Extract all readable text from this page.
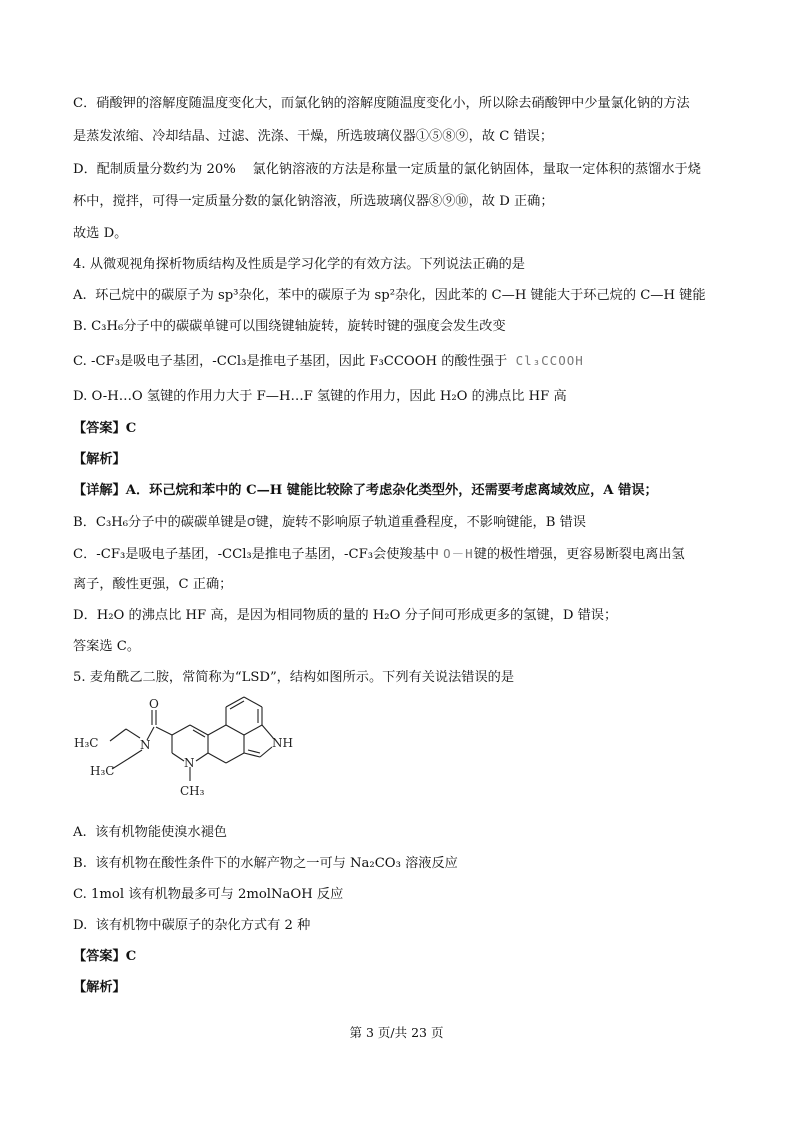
C．硝酸钾的溶解度随温度变化大，而氯化钠的溶解度随温度变化小，所以除去硝酸钾中少量氯化钠的方法
是蒸发浓缩、冷却结晶、过滤、洗涤、干燥，所选玻璃仪器①⑤⑧⑨，故 C 错误；
D．配制质量分数约为 20%    氯化钠溶液的方法是称量一定质量的氯化钠固体，量取一定体积的蒸馏水于烧
杯中，搅拌，可得一定质量分数的氯化钠溶液，所选玻璃仪器⑧⑨⑩，故 D 正确；
故选 D。
4. 从微观视角探析物质结构及性质是学习化学的有效方法。下列说法正确的是
A.  环己烷中的碳原子为 sp³杂化，苯中的碳原子为 sp²杂化，因此苯的 C—H 键能大于环己烷的 C—H 键能
B. C₃H₆分子中的碳碳单键可以围绕键轴旋转，旋转时键的强度会发生改变
C. -CF₃是吸电子基团，-CCl₃是推电子基团，因此 F₃CCOOH 的酸性强于  Cl₃CCOOH
D. O-H…O 氢键的作用力大于 F—H…F 氢键的作用力，因此 H₂O 的沸点比 HF 高
【答案】C
【解析】
【详解】A．环己烷和苯中的 C—H 键能比较除了考虑杂化类型外，还需要考虑离域效应，A 错误；
B．C₃H₆分子中的碳碳单键是σ键，旋转不影响原子轨道重叠程度，不影响键能，B 错误
C．-CF₃是吸电子基团，-CCl₃是推电子基团，-CF₃会使羧基中 O－H键的极性增强，更容易断裂电离出氢
离子，酸性更强，C 正确；
D．H₂O 的沸点比 HF 高，是因为相同物质的量的 H₂O 分子间可形成更多的氢键，D 错误；
答案选 C。
5. 麦角酰乙二胺，常简称为“LSD”，结构如图所示。下列有关说法错误的是
A.  该有机物能使溴水褪色
B.  该有机物在酸性条件下的水解产物之一可与 Na₂CO₃ 溶液反应
C. 1mol 该有机物最多可与 2molNaOH 反应
D.  该有机物中碳原子的杂化方式有 2 种
【答案】C
【解析】
O
N
N
NH
H₃C
H₃C
CH₃
第 3 页/共 23 页
